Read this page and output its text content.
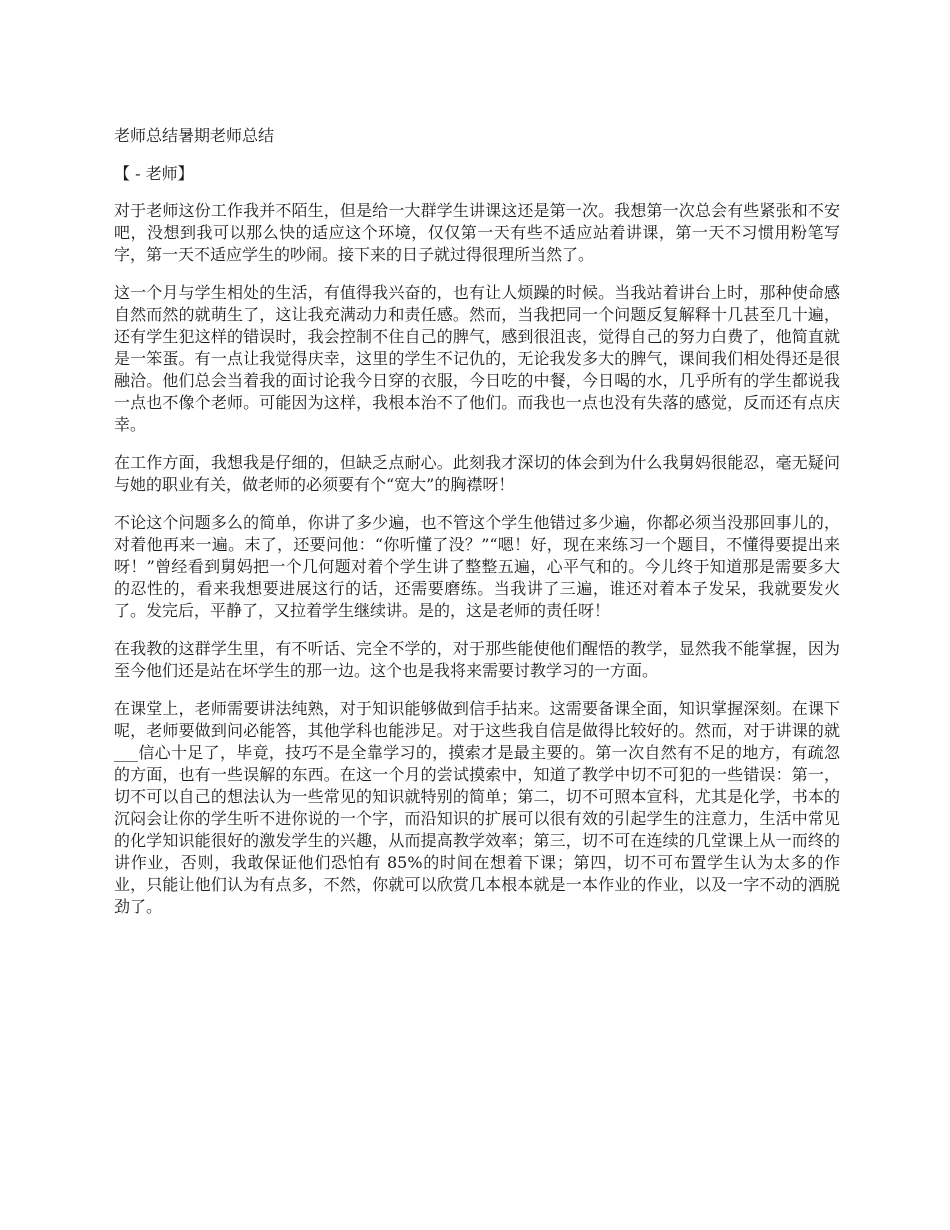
老师总结暑期老师总结
【 - 老师】

对于老师这份工作我并不陌生，但是给一大群学生讲课这还是第一次。我想第一次总会有些紧张和不安吧，没想到我可以那么快的适应这个环境，仅仅第一天有些不适应站着讲课，第一天不习惯用粉笔写字，第一天不适应学生的吵闹。接下来的日子就过得很理所当然了。

这一个月与学生相处的生活，有值得我兴奋的，也有让人烦躁的时候。当我站着讲台上时，那种使命感自然而然的就萌生了，这让我充满动力和责任感。然而，当我把同一个问题反复解释十几甚至几十遍，还有学生犯这样的错误时，我会控制不住自己的脾气，感到很沮丧，觉得自己的努力白费了，他简直就是一笨蛋。有一点让我觉得庆幸，这里的学生不记仇的，无论我发多大的脾气，课间我们相处得还是很融洽。他们总会当着我的面讨论我今日穿的衣服，今日吃的中餐，今日喝的水，几乎所有的学生都说我一点也不像个老师。可能因为这样，我根本治不了他们。而我也一点也没有失落的感觉，反而还有点庆幸。

在工作方面，我想我是仔细的，但缺乏点耐心。此刻我才深切的体会到为什么我舅妈很能忍，毫无疑问与她的职业有关，做老师的必须要有个“宽大”的胸襟呀！

不论这个问题多么的简单，你讲了多少遍，也不管这个学生他错过多少遍，你都必须当没那回事儿的，对着他再来一遍。末了，还要问他：“你听懂了没？”“嗯！好，现在来练习一个题目，不懂得要提出来呀！”曾经看到舅妈把一个几何题对着个学生讲了整整五遍，心平气和的。今儿终于知道那是需要多大的忍性的，看来我想要进展这行的话，还需要磨练。当我讲了三遍，谁还对着本子发呆，我就要发火了。发完后，平静了，又拉着学生继续讲。是的，这是老师的责任呀！

在我教的这群学生里，有不听话、完全不学的，对于那些能使他们醒悟的教学，显然我不能掌握，因为至今他们还是站在坏学生的那一边。这个也是我将来需要讨教学习的一方面。

在课堂上，老师需要讲法纯熟，对于知识能够做到信手拈来。这需要备课全面，知识掌握深刻。在课下呢，老师要做到问必能答，其他学科也能涉足。对于这些我自信是做得比较好的。然而，对于讲课的就 ___信心十足了，毕竟，技巧不是全靠学习的，摸索才是最主要的。第一次自然有不足的地方，有疏忽的方面，也有一些误解的东西。在这一个月的尝试摸索中，知道了教学中切不可犯的一些错误：第一，切不可以自己的想法认为一些常见的知识就特别的简单；第二，切不可照本宣科，尤其是化学，书本的沉闷会让你的学生听不进你说的一个字，而沿知识的扩展可以很有效的引起学生的注意力，生活中常见的化学知识能很好的激发学生的兴趣，从而提高教学效率；第三，切不可在连续的几堂课上从一而终的讲作业，否则，我敢保证他们恐怕有 85%的时间在想着下课；第四，切不可布置学生认为太多的作业，只能让他们认为有点多，不然，你就可以欣赏几本根本就是一本作业的作业，以及一字不动的洒脱劲了。
